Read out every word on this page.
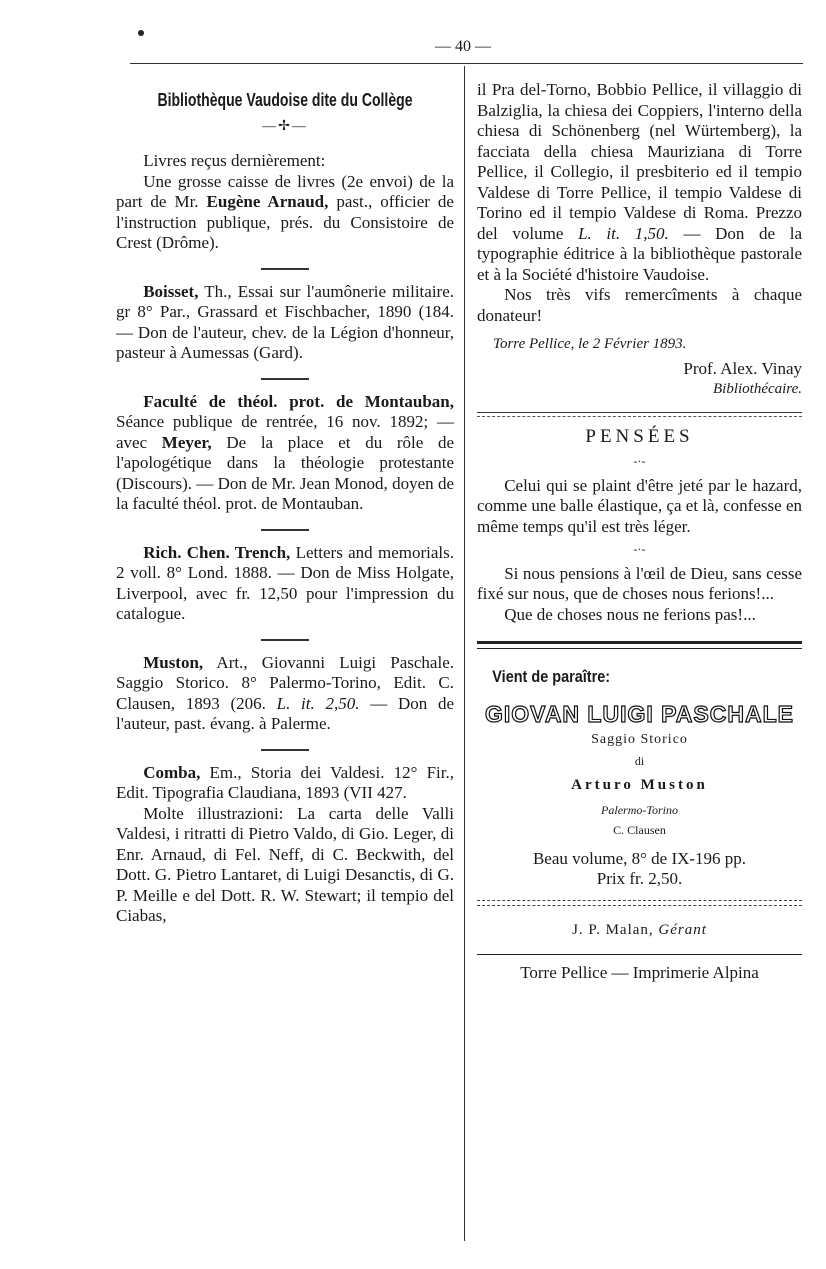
— 40 —
Bibliothèque Vaudoise dite du Collège
—✢—

Livres reçus dernièrement:

Une grosse caisse de livres (2e envoi) de la part de Mr. Eugène Arnaud, past., officier de l'instruction publique, prés. du Consistoire de Crest (Drôme).

Boisset, Th., Essai sur l'aumônerie militaire. gr 8° Par., Grassard et Fischbacher, 1890 (184. — Don de l'auteur, chev. de la Légion d'honneur, pasteur à Aumessas (Gard).

Faculté de théol. prot. de Montauban, Séance publique de rentrée, 16 nov. 1892; — avec Meyer, De la place et du rôle de l'apologétique dans la théologie protestante (Discours). — Don de Mr. Jean Monod, doyen de la faculté théol. prot. de Montauban.

Rich. Chen. Trench, Letters and memorials. 2 voll. 8° Lond. 1888. — Don de Miss Holgate, Liverpool, avec fr. 12,50 pour l'impression du catalogue.

Muston, Art., Giovanni Luigi Paschale. Saggio Storico. 8° Palermo-Torino, Edit. C. Clausen, 1893 (206. L. it. 2,50. — Don de l'auteur, past. évang. à Palerme.

Comba, Em., Storia dei Valdesi. 12° Fir., Edit. Tipografia Claudiana, 1893 (VII 427.

Molte illustrazioni: La carta delle Valli Valdesi, i ritratti di Pietro Valdo, di Gio. Leger, di Enr. Arnaud, di Fel. Neff, di C. Beckwith, del Dott. G. Pietro Lantaret, di Luigi Desanctis, di G. P. Meille e del Dott. R. W. Stewart; il tempio del Ciabas,

il Pra del-Torno, Bobbio Pellice, il villaggio di Balziglia, la chiesa dei Coppiers, l'interno della chiesa di Schönenberg (nel Würtemberg), la facciata della chiesa Mauriziana di Torre Pellice, il Collegio, il presbiterio ed il tempio Valdese di Torre Pellice, il tempio Valdese di Torino ed il tempio Valdese di Roma. Prezzo del volume L. it. 1,50. — Don de la typographie éditrice à la bibliothèque pastorale et à la Société d'histoire Vaudoise.

Nos très vifs remercîments à chaque donateur!

Torre Pellice, le 2 Février 1893.
Prof. Alex. Vinay
Bibliothécaire.
PENSÉES
-·-

Celui qui se plaint d'être jeté par le hazard, comme une balle élastique, ça et là, confesse en même temps qu'il est très léger.

-·-

Si nous pensions à l'œil de Dieu, sans cesse fixé sur nous, que de choses nous ferions!...

Que de choses nous ne ferions pas!...

Vient de paraître:
GIOVAN LUIGI PASCHALE
Saggio Storico
di
Arturo Muston
Palermo-Torino
C. Clausen
Beau volume, 8° de IX-196 pp.
Prix fr. 2,50.
J. P. Malan, Gérant
Torre Pellice — Imprimerie Alpina
